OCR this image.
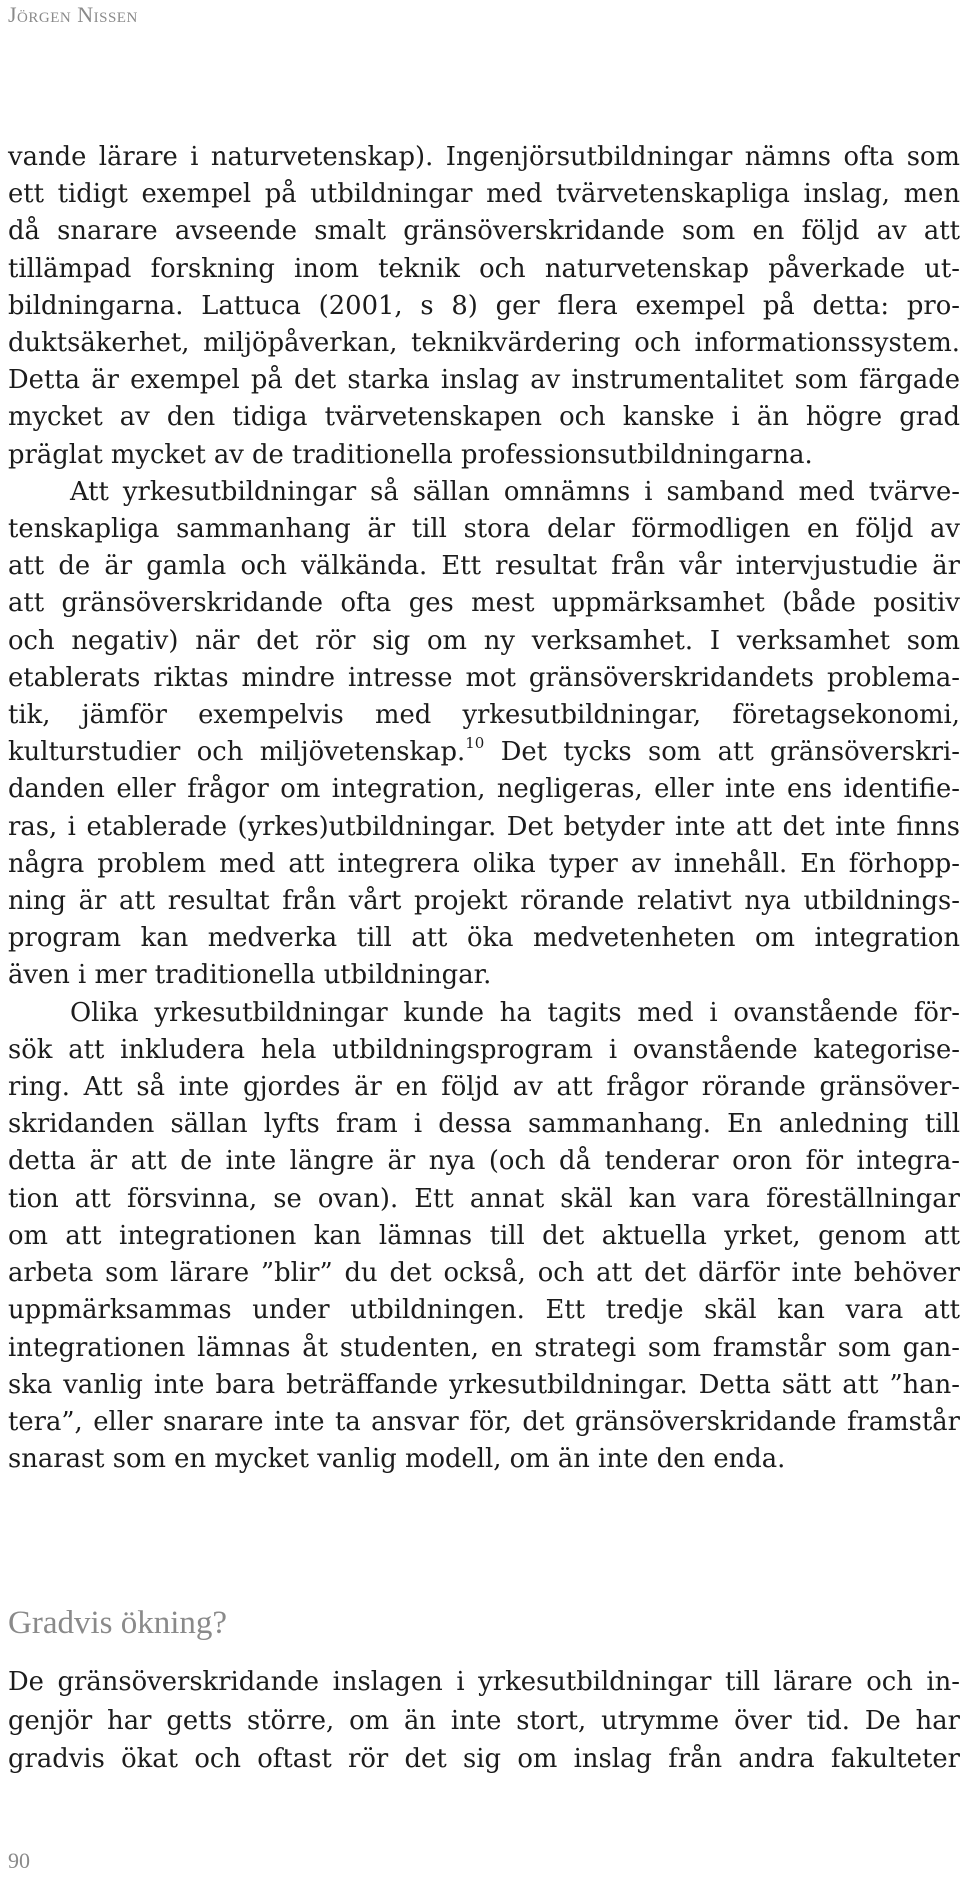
Jörgen Nissen
vande lärare i naturvetenskap). Ingenjörsutbildningar nämns ofta som
ett tidigt exempel på utbildningar med tvärvetenskapliga inslag, men
då snarare avseende smalt gränsöverskridande som en följd av att
tillämpad forskning inom teknik och naturvetenskap påverkade ut-
bildningarna. Lattuca (2001, s 8) ger flera exempel på detta: pro-
duktsäkerhet, miljöpåverkan, teknikvärdering och informationssystem.
Detta är exempel på det starka inslag av instrumentalitet som färgade
mycket av den tidiga tvärvetenskapen och kanske i än högre grad
präglat mycket av de traditionella professionsutbildningarna.
Att yrkesutbildningar så sällan omnämns i samband med tvärve-
tenskapliga sammanhang är till stora delar förmodligen en följd av
att de är gamla och välkända. Ett resultat från vår intervjustudie är
att gränsöverskridande ofta ges mest uppmärksamhet (både positiv
och negativ) när det rör sig om ny verksamhet. I verksamhet som
etablerats riktas mindre intresse mot gränsöverskridandets problema-
tik, jämför exempelvis med yrkesutbildningar, företagsekonomi,
kulturstudier och miljövetenskap.$^{10}$ Det tycks som att gränsöverskri-
danden eller frågor om integration, negligeras, eller inte ens identifie-
ras, i etablerade (yrkes)utbildningar. Det betyder inte att det inte finns
några problem med att integrera olika typer av innehåll. En förhopp-
ning är att resultat från vårt projekt rörande relativt nya utbildnings-
program kan medverka till att öka medvetenheten om integration
även i mer traditionella utbildningar.
Olika yrkesutbildningar kunde ha tagits med i ovanstående för-
sök att inkludera hela utbildningsprogram i ovanstående kategorise-
ring. Att så inte gjordes är en följd av att frågor rörande gränsöver-
skridanden sällan lyfts fram i dessa sammanhang. En anledning till
detta är att de inte längre är nya (och då tenderar oron för integra-
tion att försvinna, se ovan). Ett annat skäl kan vara föreställningar
om att integrationen kan lämnas till det aktuella yrket, genom att
arbeta som lärare ”blir” du det också, och att det därför inte behöver
uppmärksammas under utbildningen. Ett tredje skäl kan vara att
integrationen lämnas åt studenten, en strategi som framstår som gan-
ska vanlig inte bara beträffande yrkesutbildningar. Detta sätt att ”han-
tera”, eller snarare inte ta ansvar för, det gränsöverskridande framstår
snarast som en mycket vanlig modell, om än inte den enda.
Gradvis ökning?
De gränsöverskridande inslagen i yrkesutbildningar till lärare och in-
genjör har getts större, om än inte stort, utrymme över tid. De har
gradvis ökat och oftast rör det sig om inslag från andra fakulteter
90
